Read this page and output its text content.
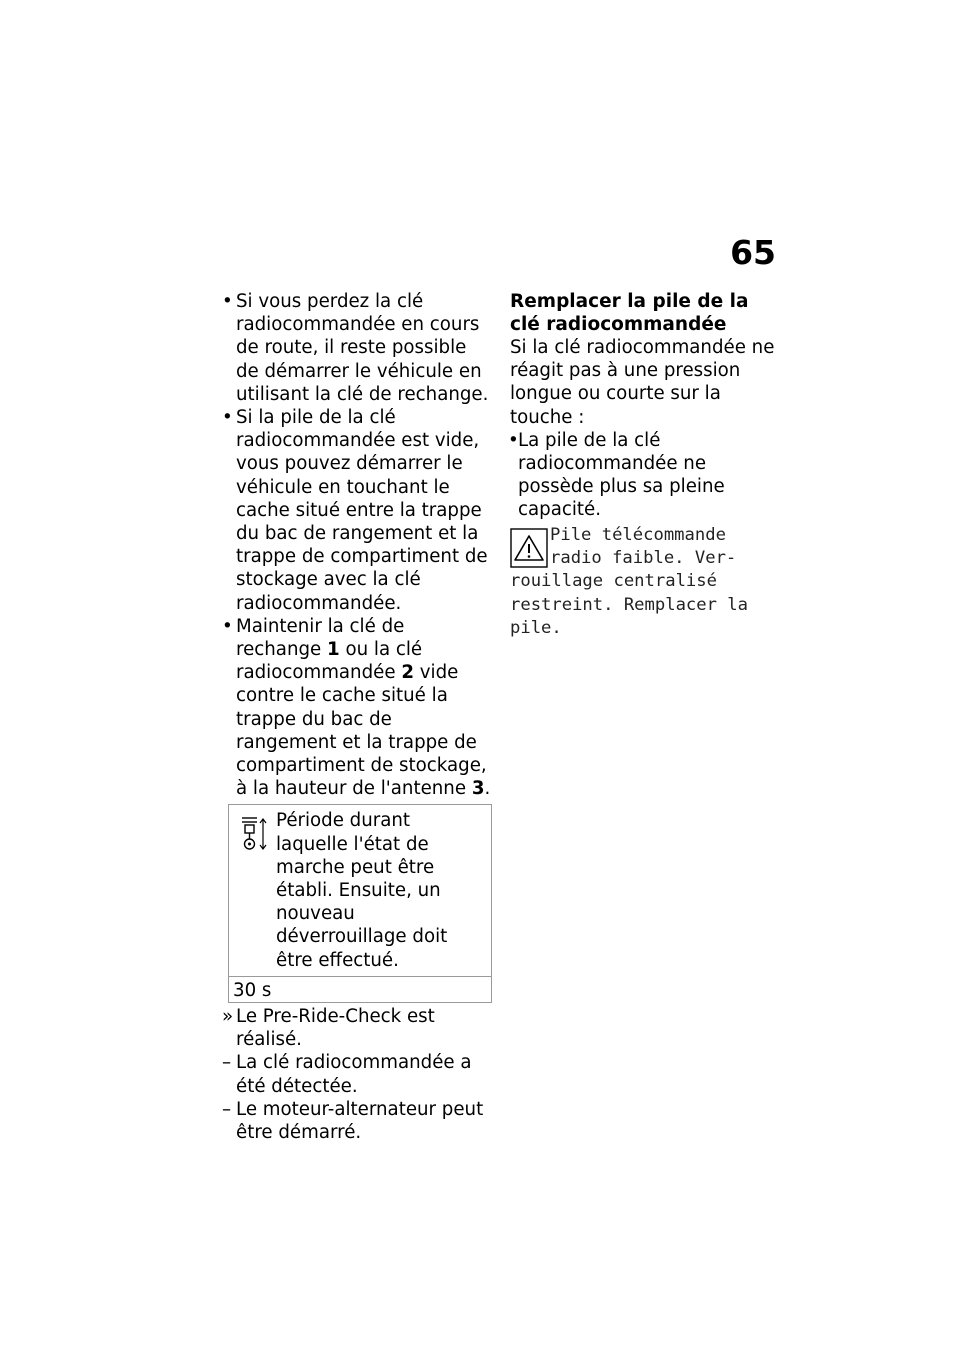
65
• Si vous perdez la clé radiocommandée en cours de route, il reste possible de démarrer le véhicule en utilisant la clé de rechange.
• Si la pile de la clé radiocommandée est vide, vous pouvez démarrer le véhicule en touchant le cache situé entre la trappe du bac de rangement et la trappe de compartiment de stockage avec la clé radiocommandée.
• Maintenir la clé de rechange 1 ou la clé radiocommandée 2 vide contre le cache situé la trappe du bac de rangement et la trappe de compartiment de stockage, à la hauteur de l'antenne 3.
Période durant laquelle l'état de marche peut être établi. Ensuite, un nouveau déverrouillage doit être effectué.
30 s
» Le Pre-Ride-Check est réalisé.
– La clé radiocommandée a été détectée.
– Le moteur-alternateur peut être démarré.
Remplacer la pile de la clé radiocommandée
Si la clé radiocommandée ne réagit pas à une pression longue ou courte sur la touche :
• La pile de la clé radiocommandée ne possède plus sa pleine capacité.
Pile télécommande
radio faible. Ver-
rouillage centralisé
restreint. Remplacer la
pile.
